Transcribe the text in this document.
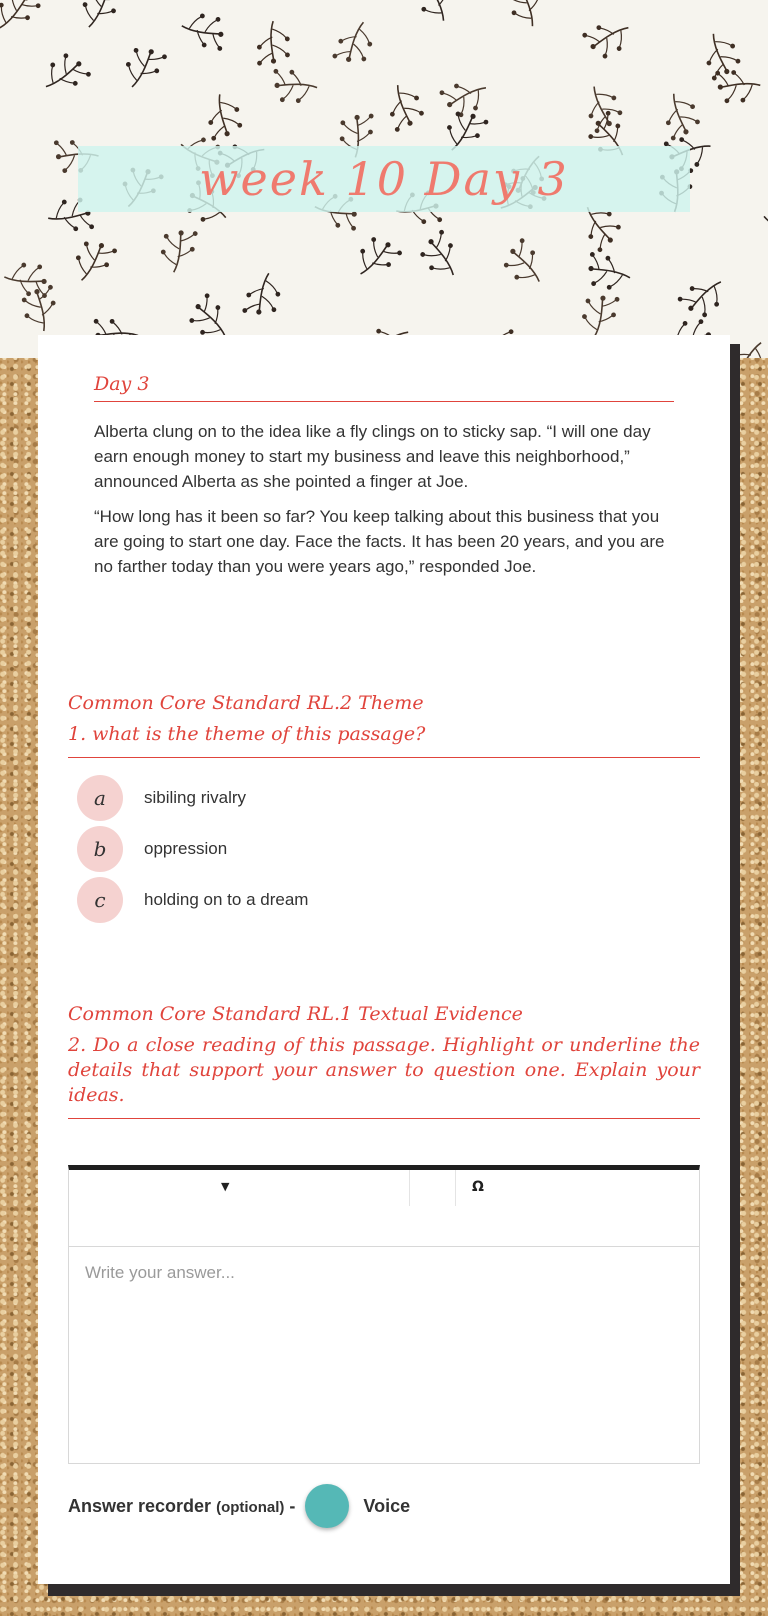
week 10 Day 3
Day 3

Alberta clung on to the idea like a fly clings on to sticky sap. “I will one day earn enough money to start my business and leave this neighborhood,” announced Alberta as she pointed a finger at Joe.

“How long has it been so far? You keep talking about this business that you are going to start one day. Face the facts. It has been 20 years, and you are no farther today than you were years ago,” responded Joe.

Common Core Standard RL.2 Theme
1. what is the theme of this passage?
a	sibiling rivalry
b	oppression
c	holding on to a dream
Common Core Standard RL.1 Textual Evidence
2. Do a close reading of this passage. Highlight or underline the details that support your answer to question one. Explain your ideas.
▼	Ω
Write your answer...
Answer recorder (optional) -	Voice
